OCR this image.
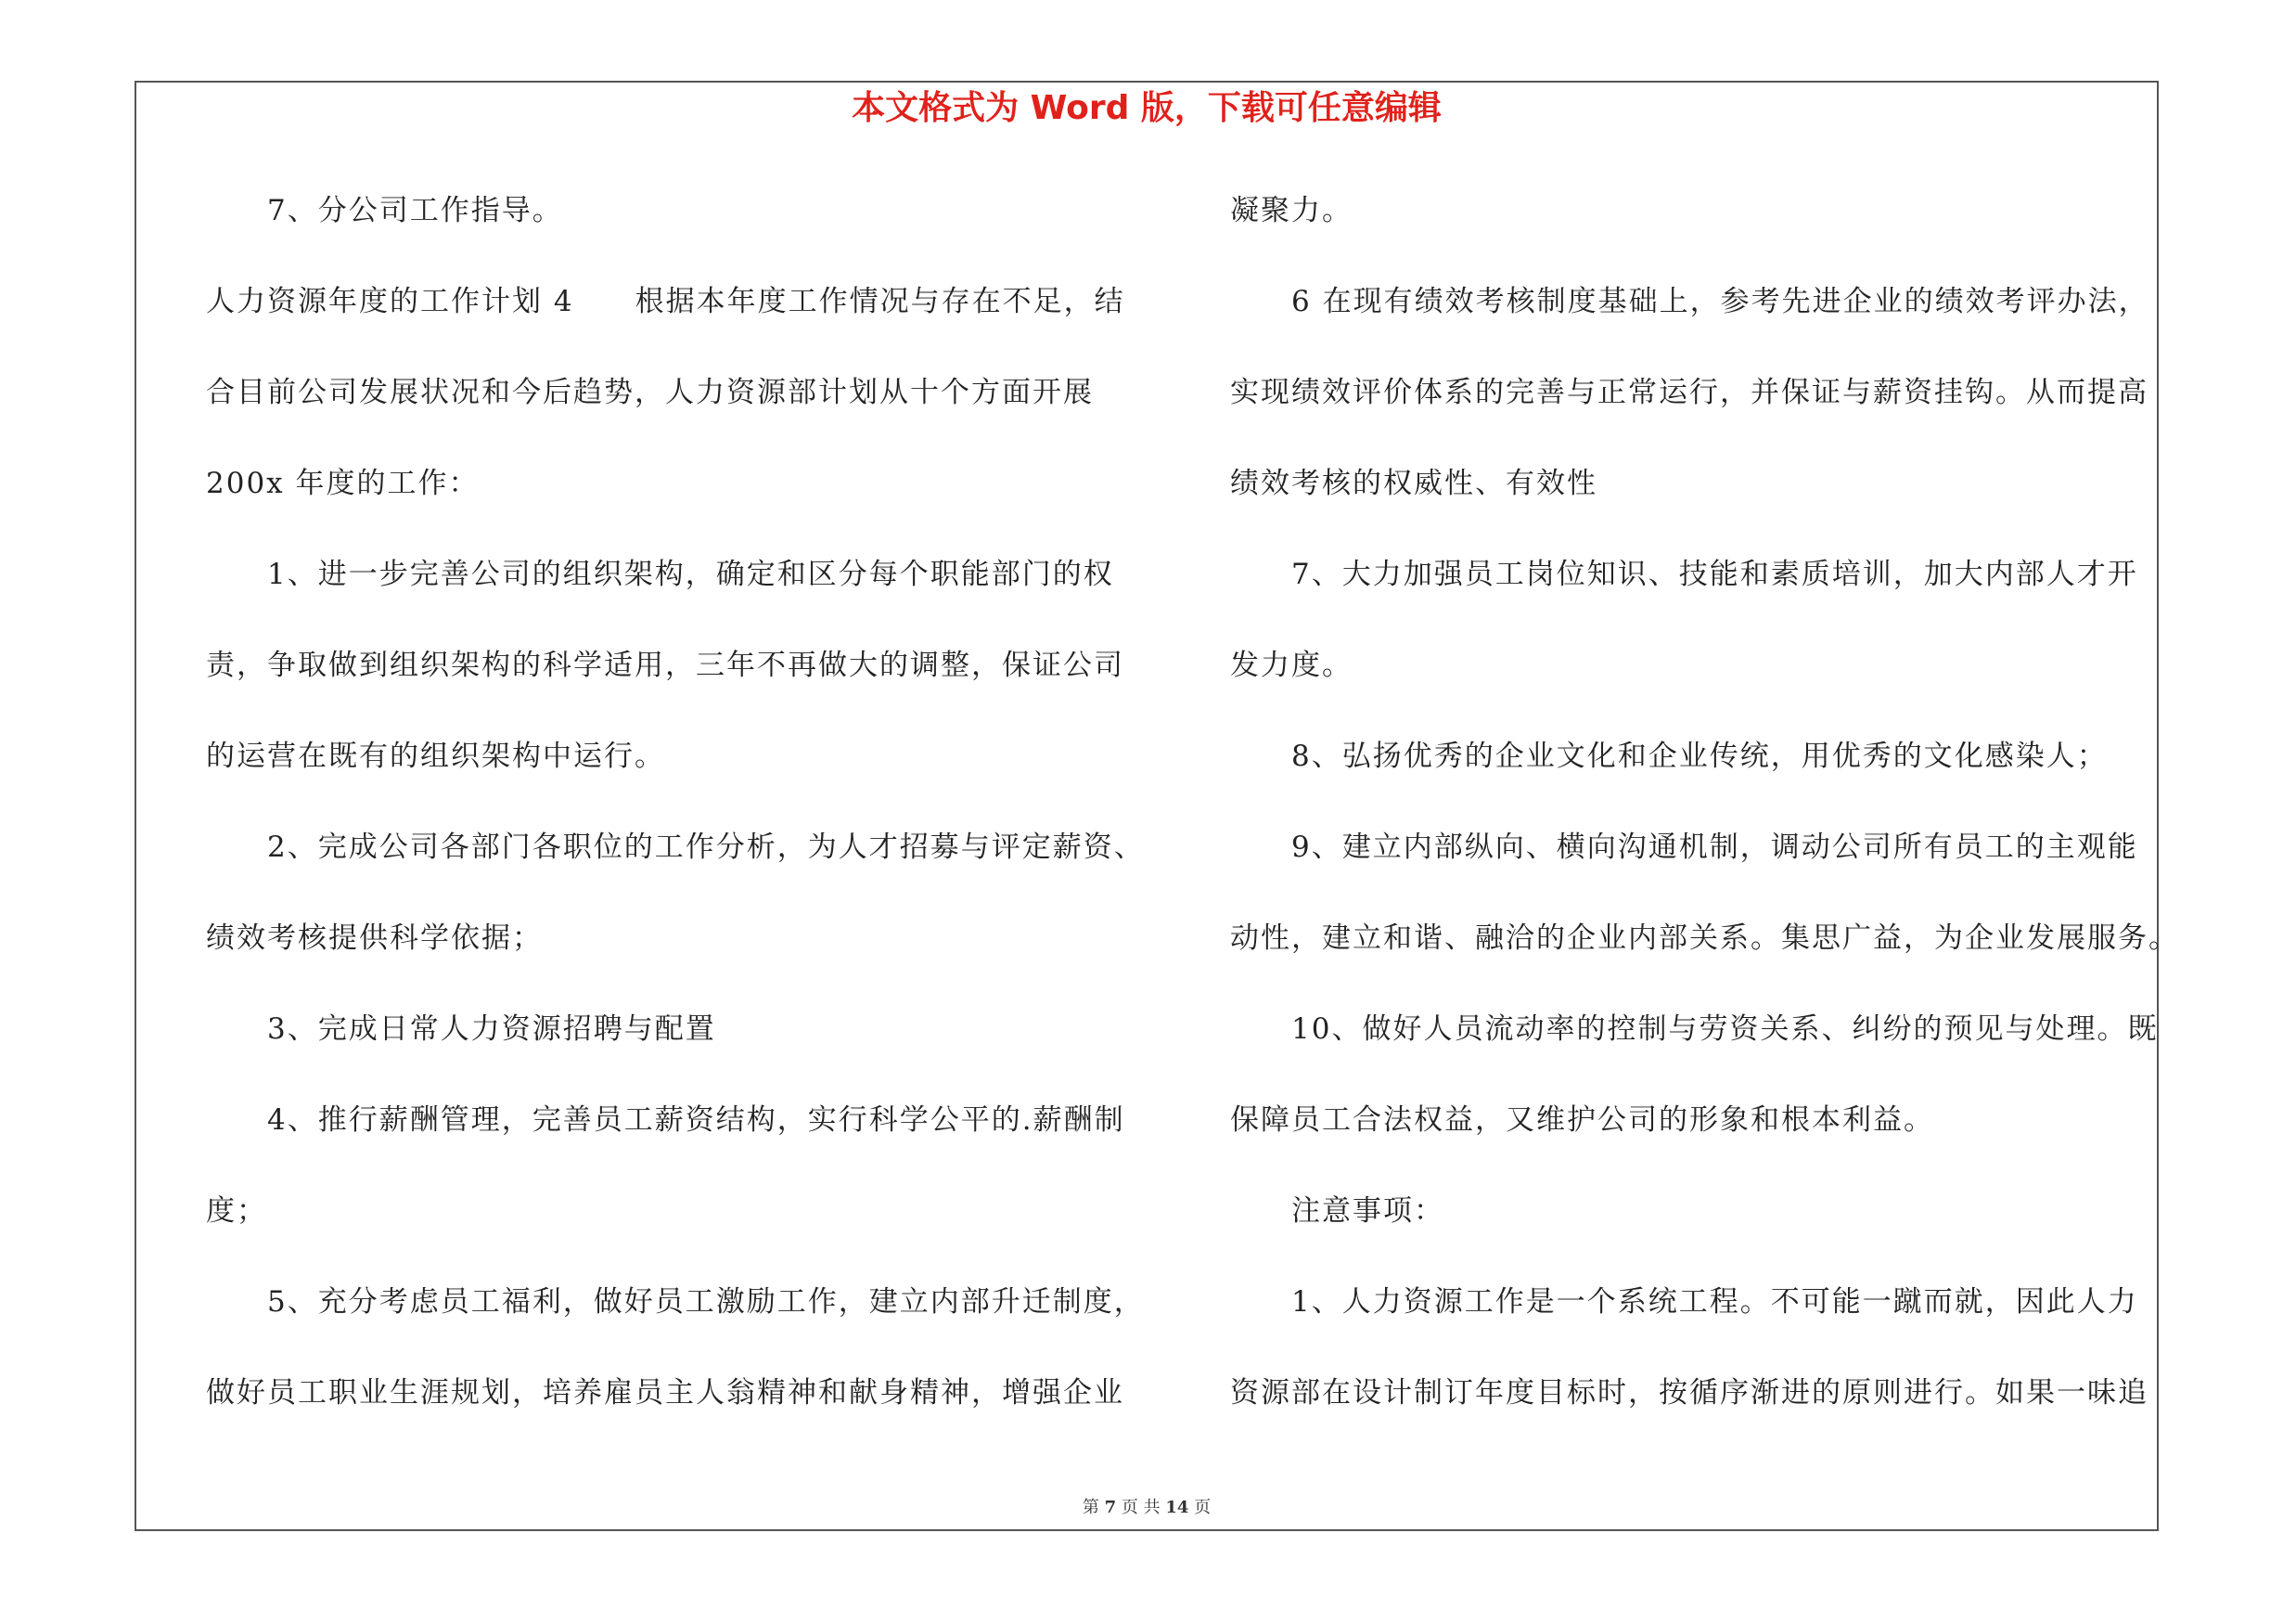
本文格式为 Word 版，下载可任意编辑
　　7、分公司工作指导。
人力资源年度的工作计划 4　　根据本年度工作情况与存在不足，结
合目前公司发展状况和今后趋势，人力资源部计划从十个方面开展
200x 年度的工作：
　　1、进一步完善公司的组织架构，确定和区分每个职能部门的权
责，争取做到组织架构的科学适用，三年不再做大的调整，保证公司
的运营在既有的组织架构中运行。
　　2、完成公司各部门各职位的工作分析，为人才招募与评定薪资、
绩效考核提供科学依据；
　　3、完成日常人力资源招聘与配置
　　4、推行薪酬管理，完善员工薪资结构，实行科学公平的.薪酬制
度；
　　5、充分考虑员工福利，做好员工激励工作，建立内部升迁制度，
做好员工职业生涯规划，培养雇员主人翁精神和献身精神，增强企业
凝聚力。
　　6 在现有绩效考核制度基础上，参考先进企业的绩效考评办法，
实现绩效评价体系的完善与正常运行，并保证与薪资挂钩。从而提高
绩效考核的权威性、有效性
　　7、大力加强员工岗位知识、技能和素质培训，加大内部人才开
发力度。
　　8、弘扬优秀的企业文化和企业传统，用优秀的文化感染人；
　　9、建立内部纵向、横向沟通机制，调动公司所有员工的主观能
动性，建立和谐、融洽的企业内部关系。集思广益，为企业发展服务。
　　10、做好人员流动率的控制与劳资关系、纠纷的预见与处理。既
保障员工合法权益，又维护公司的形象和根本利益。
　　注意事项：
　　1、人力资源工作是一个系统工程。不可能一蹴而就，因此人力
资源部在设计制订年度目标时，按循序渐进的原则进行。如果一味追
第 7 页 共 14 页
